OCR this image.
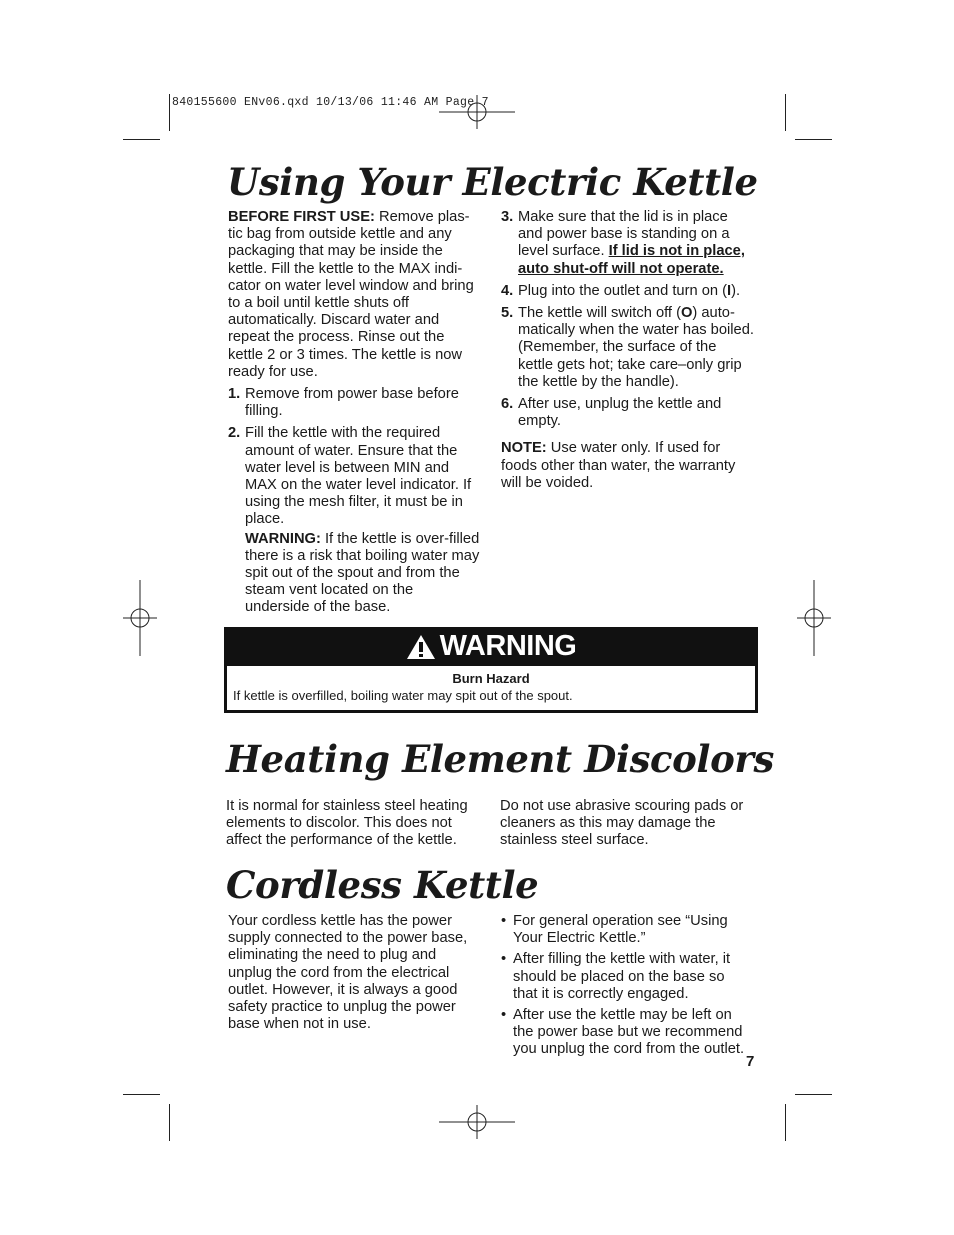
840155600 ENv06.qxd 10/13/06 11:46 AM Page 7
Using Your Electric Kettle

BEFORE FIRST USE: Remove plas-tic bag from outside kettle and any packaging that may be inside the kettle. Fill the kettle to the MAX indi-cator on water level window and bring to a boil until kettle shuts off automatically. Discard water and repeat the process. Rinse out the kettle 2 or 3 times. The kettle is now ready for use.

1. Remove from power base before filling.
2. Fill the kettle with the required amount of water. Ensure that the water level is between MIN and MAX on the water level indicator. If using the mesh filter, it must be in place.
WARNING: If the kettle is over-filled there is a risk that boiling water may spit out of the spout and from the steam vent located on the underside of the base.
3. Make sure that the lid is in place and power base is standing on a level surface. If lid is not in place, auto shut-off will not operate.
4. Plug into the outlet and turn on (I).
5. The kettle will switch off (O) auto-matically when the water has boiled. (Remember, the surface of the kettle gets hot; take care–only grip the kettle by the handle).
6. After use, unplug the kettle and empty.

NOTE: Use water only. If used for foods other than water, the warranty will be voided.

WARNING
Burn Hazard
If kettle is overfilled, boiling water may spit out of the spout.
Heating Element Discolors
It is normal for stainless steel heating elements to discolor. This does not affect the performance of the kettle.
Do not use abrasive scouring pads or cleaners as this may damage the stainless steel surface.
Cordless Kettle
Your cordless kettle has the power supply connected to the power base, eliminating the need to plug and unplug the cord from the electrical outlet. However, it is always a good safety practice to unplug the power base when not in use.
• For general operation see “Using Your Electric Kettle.”
• After filling the kettle with water, it should be placed on the base so that it is correctly engaged.
• After use the kettle may be left on the power base but we recommend you unplug the cord from the outlet.
7
